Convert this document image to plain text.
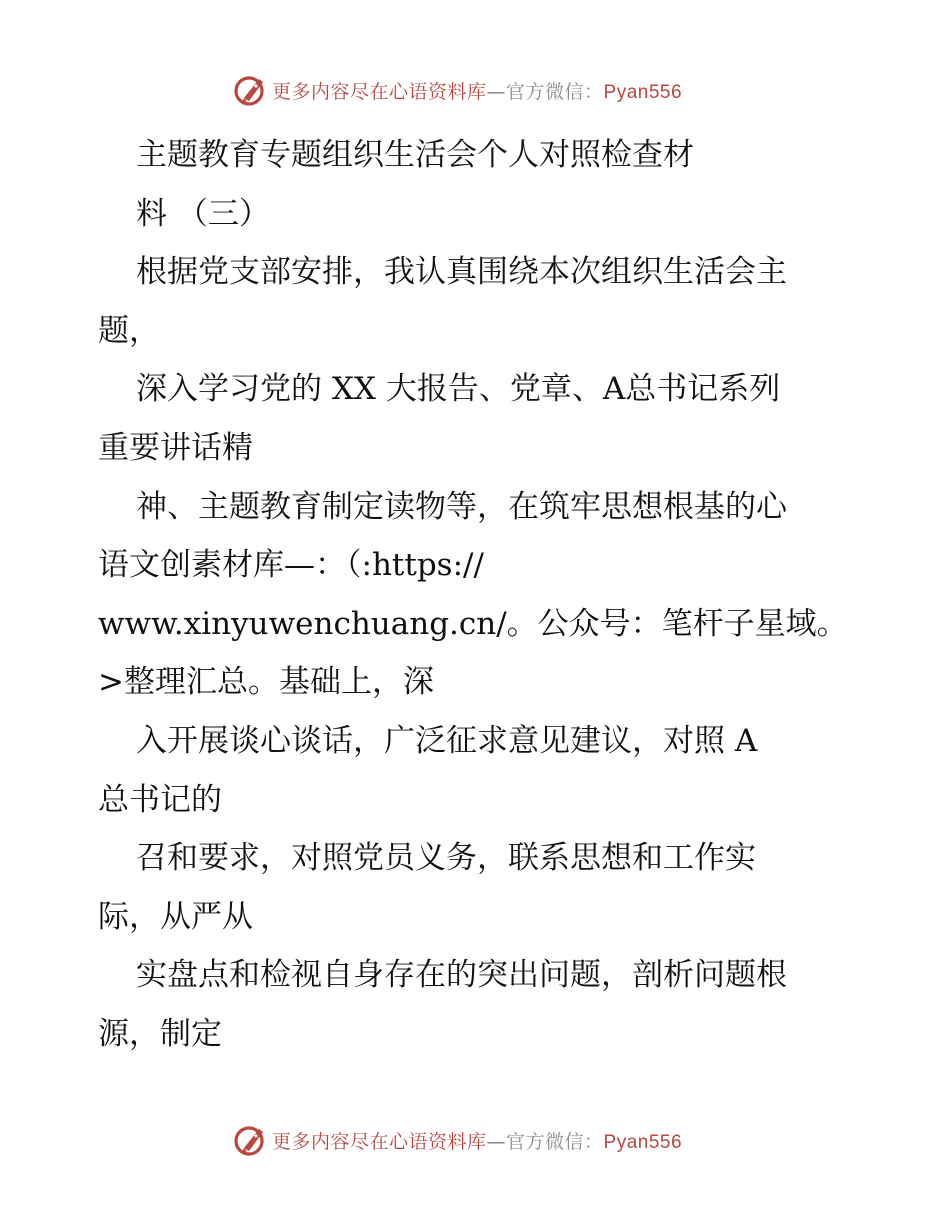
更多内容尽在心语资料库—官方微信：Pyan556
主题教育专题组织生活会个人对照检查材
料 （三）
根据党支部安排，我认真围绕本次组织生活会主
题，
深入学习党的 XX 大报告、党章、A总书记系列
重要讲话精
神、主题教育制定读物等，在筑牢思想根基的心
语文创素材库—：（:https://
www.xinyuwenchuang.cn/。公众号：笔杆子星域。
>整理汇总。基础上，深
入开展谈心谈话，广泛征求意见建议，对照 A
总书记的
召和要求，对照党员义务，联系思想和工作实
际，从严从
实盘点和检视自身存在的突出问题，剖析问题根
源，制定
更多内容尽在心语资料库—官方微信：Pyan556
